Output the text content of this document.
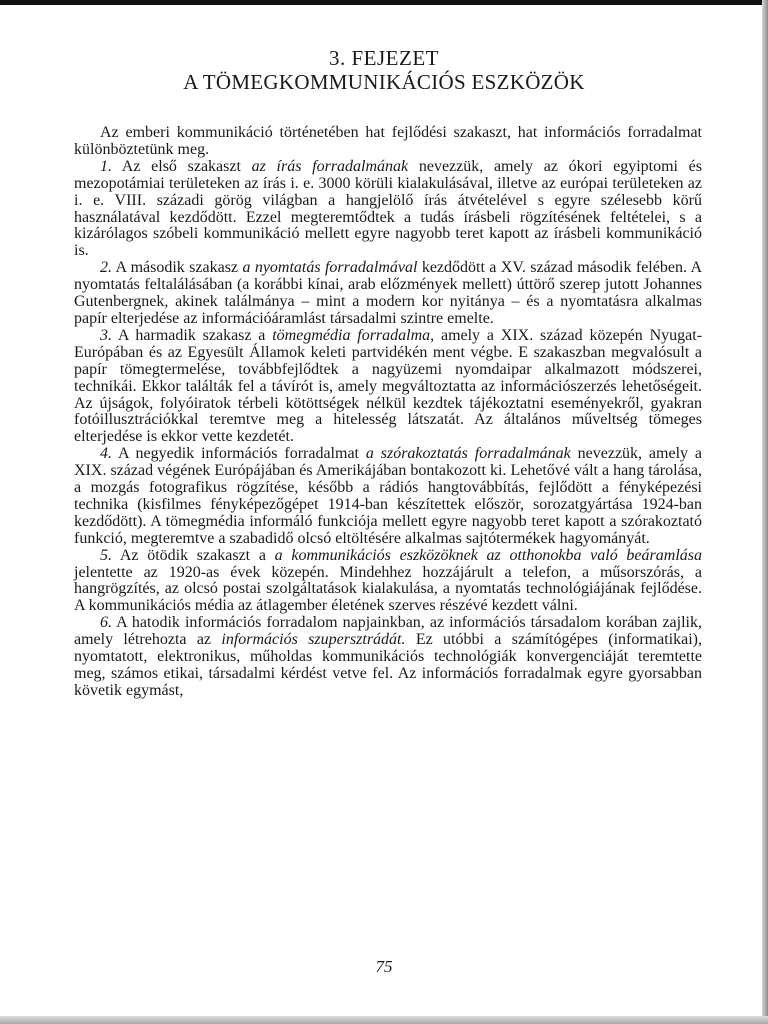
3. FEJEZET
A TÖMEGKOMMUNIKÁCIÓS ESZKÖZÖK

Az emberi kommunikáció történetében hat fejlődési szakaszt, hat információs forradalmat különböztetünk meg.

1. Az első szakaszt az írás forradalmának nevezzük, amely az ókori egyiptomi és mezopotámiai területeken az írás i. e. 3000 körüli kialakulásával, illetve az európai területeken az i. e. VIII. századi görög világban a hangjelölő írás átvételével s egyre szélesebb körű használatával kezdődött. Ezzel megteremtődtek a tudás írásbeli rögzítésének feltételei, s a kizárólagos szóbeli kommunikáció mellett egyre nagyobb teret kapott az írásbeli kommunikáció is.

2. A második szakasz a nyomtatás forradalmával kezdődött a XV. század második felében. A nyomtatás feltalálásában (a korábbi kínai, arab előzmények mellett) úttörő szerep jutott Johannes Gutenbergnek, akinek találmánya – mint a modern kor nyitánya – és a nyomtatásra alkalmas papír elterjedése az információáramlást társadalmi szintre emelte.

3. A harmadik szakasz a tömegmédia forradalma, amely a XIX. század közepén Nyugat-Európában és az Egyesült Államok keleti partvidékén ment végbe. E szakaszban megvalósult a papír tömegtermelése, továbbfejlődtek a nagyüzemi nyomdaipar alkalmazott módszerei, technikái. Ekkor találták fel a távírót is, amely megváltoztatta az információszerzés lehetőségeit. Az újságok, folyóiratok térbeli kötöttségek nélkül kezdtek tájékoztatni eseményekről, gyakran fotóillusztrációkkal teremtve meg a hitelesség látszatát. Az általános műveltség tömeges elterjedése is ekkor vette kezdetét.

4. A negyedik információs forradalmat a szórakoztatás forradalmának nevezzük, amely a XIX. század végének Európájában és Amerikájában bontakozott ki. Lehetővé vált a hang tárolása, a mozgás fotografikus rögzítése, később a rádiós hangtovábbítás, fejlődött a fényképezési technika (kisfilmes fényképezőgépet 1914-ban készítettek először, sorozatgyártása 1924-ban kezdődött). A tömegmédia informáló funkciója mellett egyre nagyobb teret kapott a szórakoztató funkció, megteremtve a szabadidő olcsó eltöltésére alkalmas sajtótermékek hagyományát.

5. Az ötödik szakaszt a a kommunikációs eszközöknek az otthonokba való beáramlása jelentette az 1920-as évek közepén. Mindehhez hozzájárult a telefon, a műsorszórás, a hangrögzítés, az olcsó postai szolgáltatások kialakulása, a nyomtatás technológiájának fejlődése. A kommunikációs média az átlagember életének szerves részévé kezdett válni.

6. A hatodik információs forradalom napjainkban, az információs társadalom korában zajlik, amely létrehozta az információs szupersztrádát. Ez utóbbi a számítógépes (informatikai), nyomtatott, elektronikus, műholdas kommunikációs technológiák konvergenciáját teremtette meg, számos etikai, társadalmi kérdést vetve fel. Az információs forradalmak egyre gyorsabban követik egymást,

75
